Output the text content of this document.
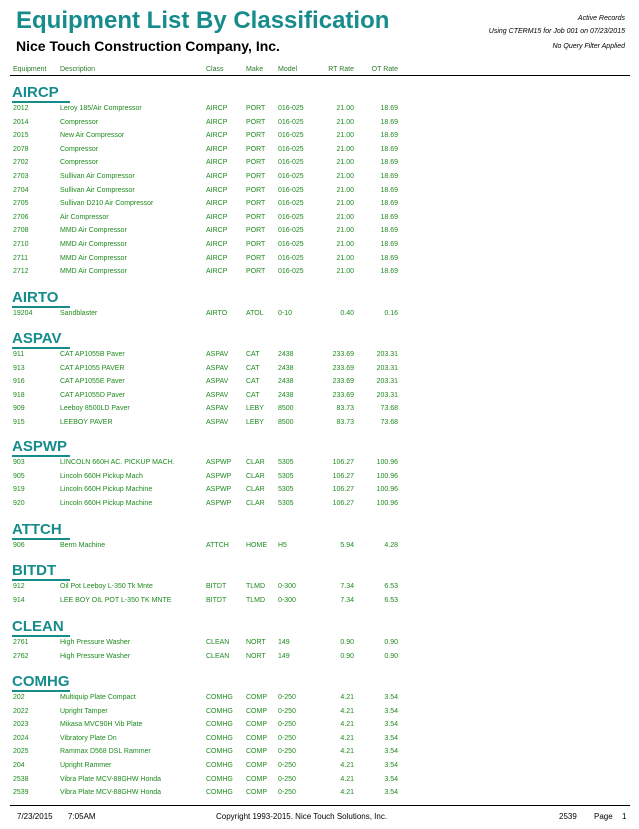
Equipment List By Classification
Nice Touch Construction Company, Inc.
Active Records
Using CTERM15 for Job 001 on 07/23/2015
No Query Filter Applied
Equipment Description	Class	Make Model	RT Rate	OT Rate
AIRCP
2012	Leroy 185/Air Compressor	AIRCP	PORT 016-025	21.00	18.69
2014	Compressor	AIRCP	PORT 016-025	21.00	18.69
2015	New Air Compressor	AIRCP	PORT 016-025	21.00	18.69
2078	Compressor	AIRCP	PORT 016-025	21.00	18.69
2702	Compressor	AIRCP	PORT 016-025	21.00	18.69
2703	Sullivan Air Compressor	AIRCP	PORT 016-025	21.00	18.69
2704	Sullivan Air Compressor	AIRCP	PORT 016-025	21.00	18.69
2705	Sullivan D210 Air Compressor	AIRCP	PORT 016-025	21.00	18.69
2706	Air Compressor	AIRCP	PORT 016-025	21.00	18.69
2708	MMD Air Compressor	AIRCP	PORT 016-025	21.00	18.69
2710	MMD Air Compressor	AIRCP	PORT 016-025	21.00	18.69
2711	MMD Air Compressor	AIRCP	PORT 016-025	21.00	18.69
2712	MMD Air Compressor	AIRCP	PORT 016-025	21.00	18.69
AIRTO
19204	Sandblaster	AIRTO	ATOL 0-10	0.40	0.16
ASPAV
911	CAT AP1055B Paver	ASPAV	CAT	2438	233.69	203.31
913	CAT AP1055 PAVER	ASPAV	CAT	2438	233.69	203.31
916	CAT AP1055E Paver	ASPAV	CAT	2438	233.69	203.31
918	CAT AP1055D Paver	ASPAV	CAT	2438	233.69	203.31
909	Leeboy 8500LD Paver	ASPAV	LEBY 8500	83.73	73.68
915	LEEBOY PAVER	ASPAV	LEBY 8500	83.73	73.68
ASPWP
903	LINCOLN 660H AC. PICKUP MACH.	ASPWP CLAR 5305	106.27	100.96
905	Lincoln 660H Pickup Mach	ASPWP CLAR 5305	106.27	100.96
919	Lincoln 660H Pickup Machine	ASPWP CLAR 5305	106.27	100.96
920	Lincoln 660H Pickup Machine	ASPWP CLAR 5305	106.27	100.96
ATTCH
906	Berm Machine	ATTCH HOME H5	5.94	4.28
BITDT
912	Oil Pot Leeboy L-350 Tk Mnte	BITDT	TLMD 0-300	7.34	6.53
914	LEE BOY OIL POT L-350 TK MNTE	BITDT	TLMD 0-300	7.34	6.53
CLEAN
2761	High Pressure Washer	CLEAN NORT 149	0.90	0.90
2762	High Pressure Washer	CLEAN NORT 149	0.90	0.90
COMHG
202	Multiquip Plate Compact	COMHG COMP 0-250	4.21	3.54
2022	Upright Tamper	COMHG COMP 0-250	4.21	3.54
2023	Mikasa MVC90H Vib Plate	COMHG COMP 0-250	4.21	3.54
2024	Vibratory Plate Dn	COMHG COMP 0-250	4.21	3.54
2025	Rammax D568 DSL Rammer	COMHG COMP 0-250	4.21	3.54
204	Upright Rammer	COMHG COMP 0-250	4.21	3.54
2538	Vibra Plate MCV-88GHW Honda	COMHG COMP 0-250	4.21	3.54
2539	Vibra Plate MCV-88GHW Honda	COMHG COMP 0-250	4.21	3.54
7/23/2015 7:05AM	Copyright 1993-2015. Nice Touch Solutions, Inc.	2539 Page 1
